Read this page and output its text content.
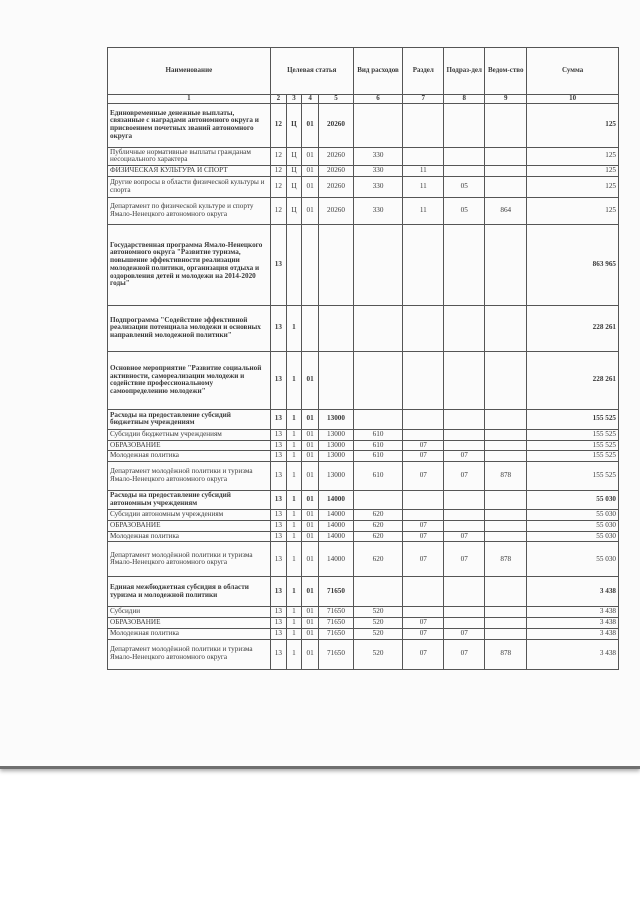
Наименование	Целевая статья				Вид расходов	Раздел	Подраз-дел	Ведом-ство	Сумма
1	2	3	4	5	6	7	8	9	10
Единовременные денежные выплаты, связанные с наградами автономного округа и присвоением почетных званий автономного округа	12	Ц	01	20260					125
Публичные нормативные выплаты гражданам несоциального характера	12	Ц	01	20260	330				125
ФИЗИЧЕСКАЯ КУЛЬТУРА И СПОРТ	12	Ц	01	20260	330	11			125
Другие вопросы в области физической культуры и спорта	12	Ц	01	20260	330	11	05		125
Департамент по физической культуре и спорту Ямало-Ненецкого автономного округа	12	Ц	01	20260	330	11	05	864	125
Государственная программа Ямало-Ненецкого автономного округа "Развитие туризма, повышение эффективности реализации молодежной политики, организация отдыха и оздоровления детей и молодежи на 2014-2020 годы"	13								863 965
Подпрограмма "Содействие эффективной реализации потенциала молодежи и основных направлений молодежной политики"	13	1							228 261
Основное мероприятие "Развитие социальной активности, самореализации молодежи и содействие профессиональному самоопределению молодежи"	13	1	01						228 261
Расходы на предоставление субсидий бюджетным учреждениям	13	1	01	13000					155 525
Субсидии бюджетным учреждениям	13	1	01	13000	610				155 525
ОБРАЗОВАНИЕ	13	1	01	13000	610	07			155 525
Молодежная политика	13	1	01	13000	610	07	07		155 525
Департамент молодёжной политики и туризма Ямало-Ненецкого автономного округа	13	1	01	13000	610	07	07	878	155 525
Расходы на предоставление субсидий автономным учреждениям	13	1	01	14000					55 030
Субсидии автономным учреждениям	13	1	01	14000	620				55 030
ОБРАЗОВАНИЕ	13	1	01	14000	620	07			55 030
Молодежная политика	13	1	01	14000	620	07	07		55 030
Департамент молодёжной политики и туризма Ямало-Ненецкого автономного округа	13	1	01	14000	620	07	07	878	55 030
Единая межбюджетная субсидия в области туризма и молодежной политики	13	1	01	71650					3 438
Субсидии	13	1	01	71650	520				3 438
ОБРАЗОВАНИЕ	13	1	01	71650	520	07			3 438
Молодежная политика	13	1	01	71650	520	07	07		3 438
Департамент молодёжной политики и туризма Ямало-Ненецкого автономного округа	13	1	01	71650	520	07	07	878	3 438
